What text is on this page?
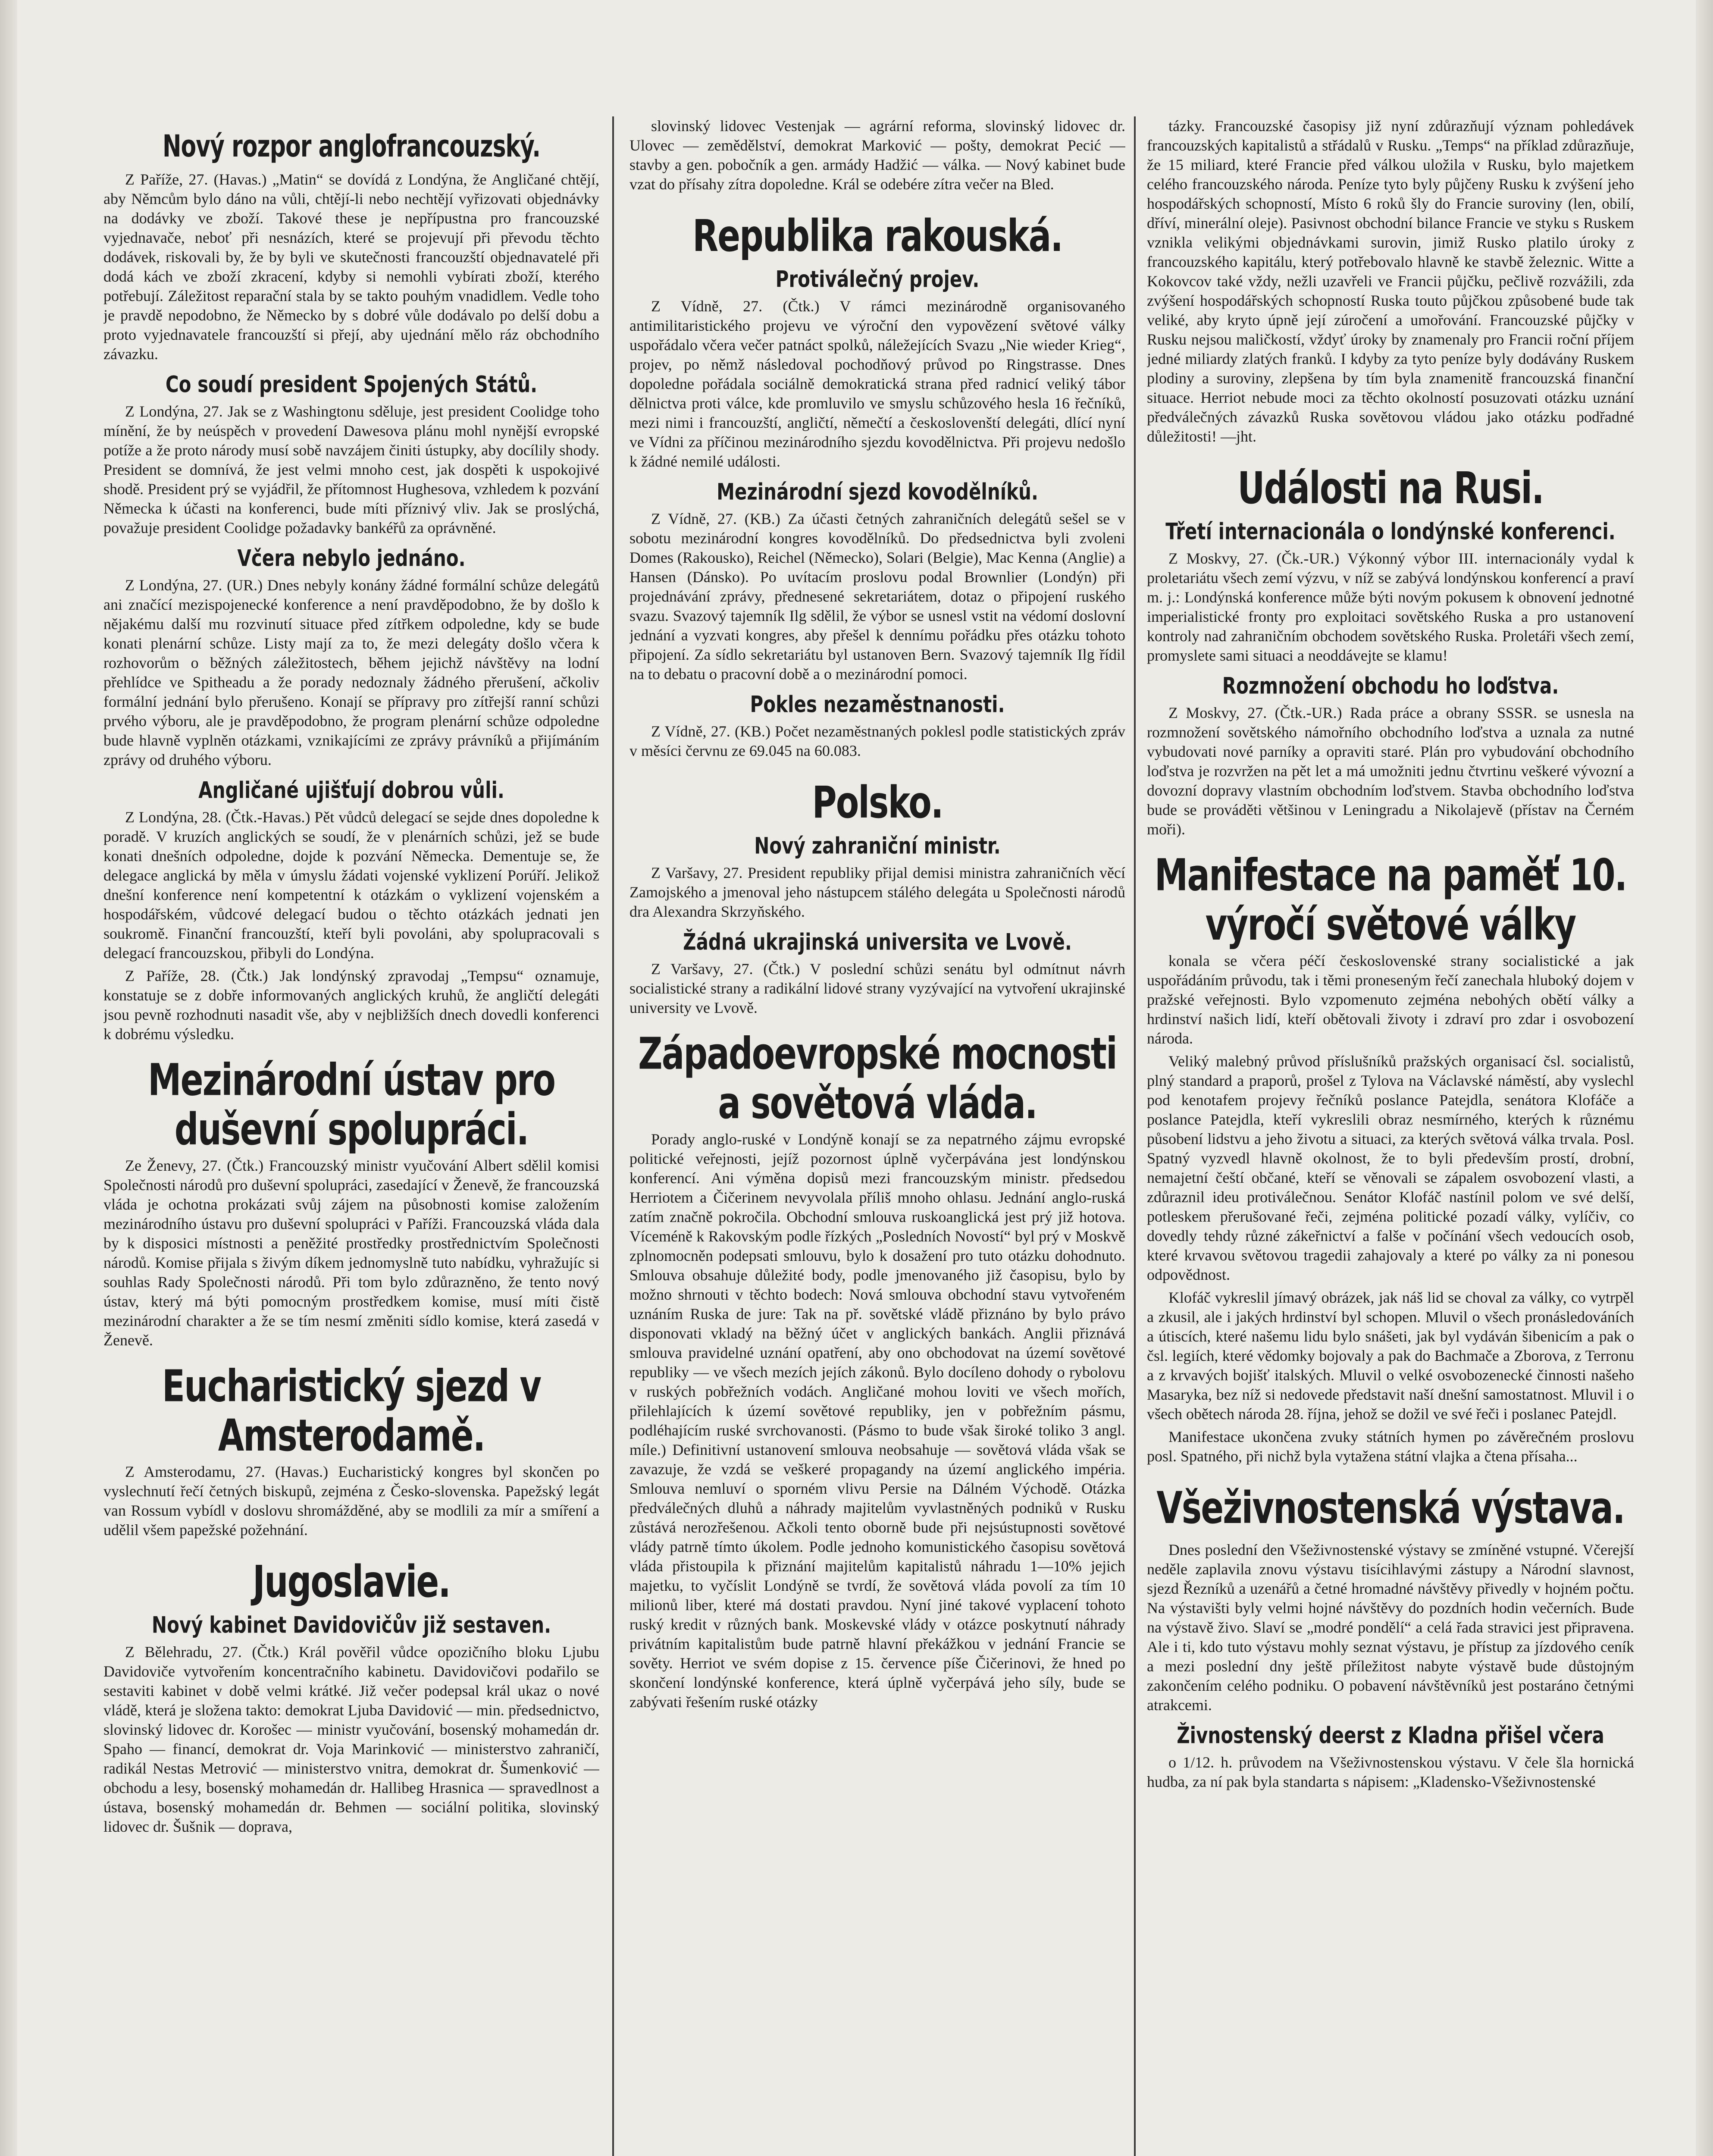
Nový rozpor anglofrancouzský.

Z Paříže, 27. (Havas.) „Matin“ se dovídá z Londýna, že Angličané chtějí, aby Němcům bylo dáno na vůli, chtějí-li nebo nechtějí vyřizovati objednávky na dodávky ve zboží. Takové these je nepřípustna pro francouzské vyjednavače, neboť při nesnázích, které se projevují při převodu těchto dodávek, riskovali by, že by byli ve skutečnosti francouzští objednavatelé při dodá kách ve zboží zkracení, kdyby si nemohli vybírati zboží, kterého potřebují. Záležitost reparační stala by se takto pouhým vnadidlem. Vedle toho je pravdě nepodobno, že Německo by s dobré vůle dodávalo po delší dobu a proto vyjednavatele francouzští si přejí, aby ujednání mělo ráz obchodního závazku.

Co soudí president Spojených Států.

Z Londýna, 27. Jak se z Washingtonu sděluje, jest president Coolidge toho mínění, že by neúspěch v provedení Dawesova plánu mohl nynější evropské potíže a že proto národy musí sobě navzájem činiti ústupky, aby docílily shody. President se domnívá, že jest velmi mnoho cest, jak dospěti k uspokojivé shodě. President prý se vyjádřil, že přítomnost Hughesova, vzhledem k pozvání Německa k účasti na konferenci, bude míti příznivý vliv. Jak se proslýchá, považuje president Coolidge požadavky bankéřů za oprávněné.

Včera nebylo jednáno.

Z Londýna, 27. (UR.) Dnes nebyly konány žádné formální schůze delegátů ani značící mezispojenecké konference a není pravděpodobno, že by došlo k nějakému další mu rozvinutí situace před zítřkem odpoledne, kdy se bude konati plenární schůze. Listy mají za to, že mezi delegáty došlo včera k rozhovorům o běžných záležitostech, během jejichž návštěvy na lodní přehlídce ve Spitheadu a že porady nedoznaly žádného přerušení, ačkoliv formální jednání bylo přerušeno. Konají se přípravy pro zítřejší ranní schůzi prvého výboru, ale je pravděpodobno, že program plenární schůze odpoledne bude hlavně vyplněn otázkami, vznikajícími ze zprávy právníků a přijímáním zprávy od druhého výboru.

Angličané ujišťují dobrou vůli.

Z Londýna, 28. (Čtk.-Havas.) Pět vůdců delegací se sejde dnes dopoledne k poradě. V kruzích anglických se soudí, že v plenárních schůzi, jež se bude konati dnešních odpoledne, dojde k pozvání Německa. Dementuje se, že delegace anglická by měla v úmyslu žádati vojenské vyklizení Porúří. Jelikož dnešní konference není kompetentní k otázkám o vyklizení vojenském a hospodářském, vůdcové delegací budou o těchto otázkách jednati jen soukromě. Finanční francouzští, kteří byli povoláni, aby spolupracovali s delegací francouzskou, přibyli do Londýna.

Z Paříže, 28. (Čtk.) Jak londýnský zpravodaj „Tempsu“ oznamuje, konstatuje se z dobře informovaných anglických kruhů, že angličtí delegáti jsou pevně rozhodnuti nasadit vše, aby v nejbližších dnech dovedli konferenci k dobrému výsledku.

Mezinárodní ústav pro duševní spolupráci.

Ze Ženevy, 27. (Čtk.) Francouzský ministr vyučování Albert sdělil komisi Společnosti národů pro duševní spolupráci, zasedající v Ženevě, že francouzská vláda je ochotna prokázati svůj zájem na působnosti komise založením mezinárodního ústavu pro duševní spolupráci v Paříži. Francouzská vláda dala by k disposici místnosti a peněžité prostředky prostřednictvím Společnosti národů. Komise přijala s živým díkem jednomyslně tuto nabídku, vyhražujíc si souhlas Rady Společnosti národů. Při tom bylo zdůrazněno, že tento nový ústav, který má býti pomocným prostředkem komise, musí míti čistě mezinárodní charakter a že se tím nesmí změniti sídlo komise, která zasedá v Ženevě.

Eucharistický sjezd v Amsterodamě.

Z Amsterodamu, 27. (Havas.) Eucharistický kongres byl skončen po vyslechnutí řečí četných biskupů, zejména z Česko-slovenska. Papežský legát van Rossum vybídl v doslovu shromážděné, aby se modlili za mír a smíření a udělil všem papežské požehnání.

Jugoslavie.
Nový kabinet Davidovičův již sestaven.

Z Bělehradu, 27. (Čtk.) Král pověřil vůdce opozičního bloku Ljubu Davidoviče vytvořením koncentračního kabinetu. Davidovičovi podařilo se sestaviti kabinet v době velmi krátké. Již večer podepsal král ukaz o nové vládě, která je složena takto: demokrat Ljuba Davidović — min. předsednictvo, slovinský lidovec dr. Korošec — ministr vyučování, bosenský mohamedán dr. Spaho — financí, demokrat dr. Voja Marinković — ministerstvo zahraničí, radikál Nestas Metrović — ministerstvo vnitra, demokrat dr. Šumenković — obchodu a lesy, bosenský mohamedán dr. Hallibeg Hrasnica — spravedlnost a ústava, bosenský mohamedán dr. Behmen — sociální politika, slovinský lidovec dr. Šušnik — doprava,

slovinský lidovec Vestenjak — agrární reforma, slovinský lidovec dr. Ulovec — zemědělství, demokrat Marković — pošty, demokrat Pecić — stavby a gen. pobočník a gen. armády Hadžić — válka. — Nový kabinet bude vzat do přísahy zítra dopoledne. Král se odebére zítra večer na Bled.

Republika rakouská.
Protiválečný projev.

Z Vídně, 27. (Čtk.) V rámci mezinárodně organisovaného antimilitaristického projevu ve výroční den vypovězení světové války uspořádalo včera večer patnáct spolků, náležejících Svazu „Nie wieder Krieg“, projev, po němž následoval pochodňový průvod po Ringstrasse. Dnes dopoledne pořádala sociálně demokratická strana před radnicí veliký tábor dělnictva proti válce, kde promluvilo ve smyslu schůzového hesla 16 řečníků, mezi nimi i francouzští, angličtí, němečtí a českoslovenští delegáti, dlící nyní ve Vídni za příčinou mezinárodního sjezdu kovodělnictva. Při projevu nedošlo k žádné nemilé události.

Mezinárodní sjezd kovodělníků.

Z Vídně, 27. (KB.) Za účasti četných zahraničních delegátů sešel se v sobotu mezinárodní kongres kovodělníků. Do předsednictva byli zvoleni Domes (Rakousko), Reichel (Německo), Solari (Belgie), Mac Kenna (Anglie) a Hansen (Dánsko). Po uvítacím proslovu podal Brownlier (Londýn) při projednávání zprávy, přednesené sekretariátem, dotaz o připojení ruského svazu. Svazový tajemník Ilg sdělil, že výbor se usnesl vstit na védomí doslovní jednání a vyzvati kongres, aby přešel k dennímu pořádku přes otázku tohoto připojení. Za sídlo sekretariátu byl ustanoven Bern. Svazový tajemník Ilg řídil na to debatu o pracovní době a o mezinárodní pomoci.

Pokles nezaměstnanosti.

Z Vídně, 27. (KB.) Počet nezaměstnaných poklesl podle statistických zpráv v měsíci červnu ze 69.045 na 60.083.

Polsko.
Nový zahraniční ministr.

Z Varšavy, 27. President republiky přijal demisi ministra zahraničních věcí Zamojského a jmenoval jeho nástupcem stálého delegáta u Společnosti národů dra Alexandra Skrzyňského.

Žádná ukrajinská universita ve Lvově.

Z Varšavy, 27. (Čtk.) V poslední schůzi senátu byl odmítnut návrh socialistické strany a radikální lidové strany vyzývající na vytvoření ukrajinské university ve Lvově.

Západoevropské mocnosti a sovětová vláda.

Porady anglo-ruské v Londýně konají se za nepatrného zájmu evropské politické veřejnosti, jejíž pozornost úplně vyčerpávána jest londýnskou konferencí. Ani výměna dopisů mezi francouzským ministr. předsedou Herriotem a Čičerinem nevyvolala příliš mnoho ohlasu. Jednání anglo-ruská zatím značně pokročila. Obchodní smlouva ruskoanglická jest prý již hotova. Víceméně k Rakovským podle řízkých „Posledních Novostí“ byl prý v Moskvě zplnomocněn podepsati smlouvu, bylo k dosažení pro tuto otázku dohodnuto. Smlouva obsahuje důležité body, podle jmenovaného již časopisu, bylo by možno shrnouti v těchto bodech: Nová smlouva obchodní stavu vytvořeném uznáním Ruska de jure: Tak na př. sovětské vládě přiznáno by bylo právo disponovati vkladý na běžný účet v anglických bankách. Anglii přiznává smlouva pravidelné uznání opatření, aby ono obchodovat na území sovětové republiky — ve všech mezích jejích zákonů. Bylo docíleno dohody o rybolovu v ruských pobřežních vodách. Angličané mohou loviti ve všech mořích, přilehlajících k území sovětové republiky, jen v pobřežním pásmu, podléhajícím ruské svrchovanosti. (Pásmo to bude však široké toliko 3 angl. míle.) Definitivní ustanovení smlouva neobsahuje — sovětová vláda však se zavazuje, že vzdá se veškeré propagandy na území anglického impéria. Smlouva nemluví o sporném vlivu Persie na Dálném Východě. Otázka předválečných dluhů a náhrady majitelům vyvlastněných podniků v Rusku zůstává nerozřešenou. Ačkoli tento oborně bude při nejsústupnosti sovětové vlády patrně tímto úkolem. Podle jednoho komunistického časopisu sovětová vláda přistoupila k přiznání majitelům kapitalistů náhradu 1—10% jejich majetku, to vyčíslit Londýně se tvrdí, že sovětová vláda povolí za tím 10 milionů liber, které má dostati pravdou. Nyní jiné takové vyplacení tohoto ruský kredit v různých bank. Moskevské vlády v otázce poskytnutí náhrady privátním kapitalistům bude patrně hlavní překážkou v jednání Francie se sověty. Herriot ve svém dopise z 15. července píše Čičerinovi, že hned po skončení londýnské konference, která úplně vyčerpává jeho síly, bude se zabývati řešením ruské otázky

tázky. Francouzské časopisy již nyní zdůrazňují význam pohledávek francouzských kapitalistů a střádalů v Rusku. „Temps“ na příklad zdůrazňuje, že 15 miliard, které Francie před válkou uložila v Rusku, bylo majetkem celého francouzského národa. Peníze tyto byly půjčeny Rusku k zvýšení jeho hospodářských schopností, Místo 6 roků šly do Francie suroviny (len, obilí, dříví, minerální oleje). Pasivnost obchodní bilance Francie ve styku s Ruskem vznikla velikými objednávkami surovin, jimiž Rusko platilo úroky z francouzského kapitálu, který potřebovalo hlavně ke stavbě železnic. Witte a Kokovcov také vždy, nežli uzavřeli ve Francii půjčku, pečlivě rozvážili, zda zvýšení hospodářských schopností Ruska touto půjčkou způsobené bude tak veliké, aby kryto úpně její zúročení a umořování. Francouzské půjčky v Rusku nejsou maličkostí, vždyť úroky by znamenaly pro Francii roční příjem jedné miliardy zlatých franků. I kdyby za tyto peníze byly dodávány Ruskem plodiny a suroviny, zlepšena by tím byla znamenitě francouzská finanční situace. Herriot nebude moci za těchto okolností posuzovati otázku uznání předválečných závazků Ruska sovětovou vládou jako otázku podřadné důležitosti! —jht.

Události na Rusi.
Třetí internacionála o londýnské konferenci.

Z Moskvy, 27. (Čk.-UR.) Výkonný výbor III. internacionály vydal k proletariátu všech zemí výzvu, v níž se zabývá londýnskou konferencí a praví m. j.: Londýnská konference může býti novým pokusem k obnovení jednotné imperialistické fronty pro exploitaci sovětského Ruska a pro ustanovení kontroly nad zahraničním obchodem sovětského Ruska. Proletáři všech zemí, promyslete sami situaci a neoddávejte se klamu!

Rozmnožení obchodu ho loďstva.

Z Moskvy, 27. (Čtk.-UR.) Rada práce a obrany SSSR. se usnesla na rozmnožení sovětského námořního obchodního loďstva a uznala za nutné vybudovati nové parníky a opraviti staré. Plán pro vybudování obchodního loďstva je rozvržen na pět let a má umožniti jednu čtvrtinu veškeré vývozní a dovozní dopravy vlastním obchodním loďstvem. Stavba obchodního loďstva bude se prováděti většinou v Leningradu a Nikolajevě (přístav na Černém moři).

Manifestace na paměť 10. výročí světové války

konala se včera péčí československé strany socialistické a jak uspořádáním průvodu, tak i těmi proneseným řečí zanechala hluboký dojem v pražské veřejnosti. Bylo vzpomenuto zejména nebohých obětí války a hrdinství našich lidí, kteří obětovali životy i zdraví pro zdar i osvobození národa.

Veliký malebný průvod příslušníků pražských organisací čsl. socialistů, plný standard a praporů, prošel z Tylova na Václavské náměstí, aby vyslechl pod kenotafem projevy řečníků poslance Patejdla, senátora Klofáče a poslance Patejdla, kteří vykreslili obraz nesmírného, kterých k různému působení lidstvu a jeho životu a situaci, za kterých světová válka trvala. Posl. Spatný vyzvedl hlavně okolnost, že to byli především prostí, drobní, nemajetní čeští občané, kteří se věnovali se zápalem osvobození vlasti, a zdůraznil ideu protiválečnou. Senátor Klofáč nastínil polom ve své delší, potleskem přerušované řeči, zejména politické pozadí války, vylíčiv, co dovedly tehdy různé zákeřnictví a falše v počínání všech vedoucích osob, které krvavou světovou tragedii zahajovaly a které po války za ni ponesou odpovědnost.

Klofáč vykreslil jímavý obrázek, jak náš lid se choval za války, co vytrpěl a zkusil, ale i jakých hrdinství byl schopen. Mluvil o všech pronásledováních a útiscích, které našemu lidu bylo snášeti, jak byl vydáván šibenicím a pak o čsl. legiích, které vědomky bojovaly a pak do Bachmače a Zborova, z Terronu a z krvavých bojišť italských. Mluvil o velké osvobozenecké činnosti našeho Masaryka, bez níž si nedovede představit naší dnešní samostatnost. Mluvil i o všech obětech národa 28. října, jehož se dožil ve své řeči i poslanec Patejdl.

Manifestace ukončena zvuky státních hymen po závěrečném proslovu posl. Spatného, při nichž byla vytažena státní vlajka a čtena přísaha...

Všeživnostenská výstava.

Dnes poslední den Všeživnostenské výstavy se zmíněné vstupné. Včerejší neděle zaplavila znovu výstavu tisícihlavými zástupy a Národní slavnost, sjezd Řezníků a uzenářů a četné hromadné návštěvy přivedly v hojném počtu. Na výstavišti byly velmi hojné návštěvy do pozdních hodin večerních. Bude na výstavě živo. Slaví se „modré pondělí“ a celá řada stravici jest připravena. Ale i ti, kdo tuto výstavu mohly seznat výstavu, je přístup za jízdového ceník a mezi poslední dny ještě příležitost nabyte výstavě bude důstojným zakončením celého podniku. O pobavení návštěvníků jest postaráno četnými atrakcemi.

Živnostenský deerst z Kladna přišel včera

o 1/12. h. průvodem na Všeživnostenskou výstavu. V čele šla hornická hudba, za ní pak byla standarta s nápisem: „Kladensko-Všeživnostenské
